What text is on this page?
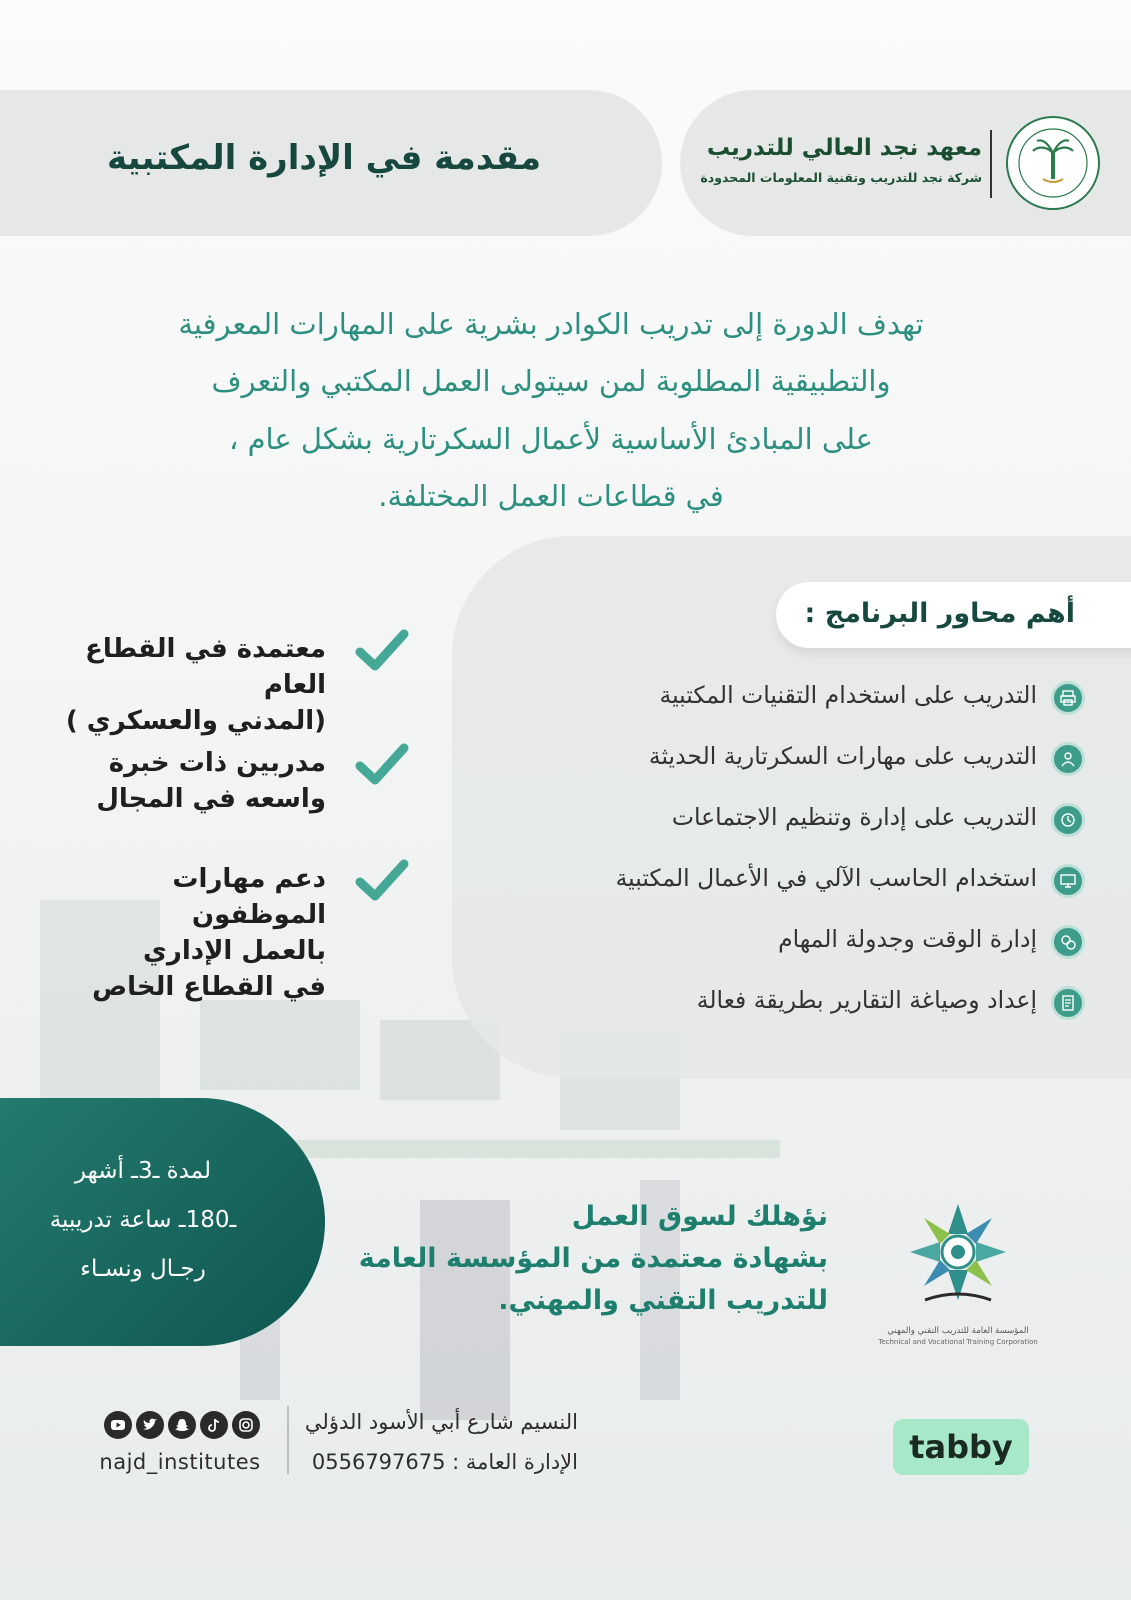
مقدمة في الإدارة المكتبية	معهد نجد العالي للتدريب
شركة نجد للتدريب وتقنية المعلومات المحدودة
تهدف الدورة إلى تدريب الكوادر بشرية على المهارات المعرفية
والتطبيقية المطلوبة لمن سيتولى العمل المكتبي والتعرف
على المبادئ الأساسية لأعمال السكرتارية بشكل عام ،
في قطاعات العمل المختلفة.
أهم محاور البرنامج :
التدريب على استخدام التقنيات المكتبية
التدريب على مهارات السكرتارية الحديثة
التدريب على إدارة وتنظيم الاجتماعات
استخدام الحاسب الآلي في الأعمال المكتبية
إدارة الوقت وجدولة المهام
إعداد وصياغة التقارير بطريقة فعالة
معتمدة في القطاع العام
(المدني والعسكري )
مدربين ذات خبرة
واسعه في المجال
دعم مهارات الموظفون
بالعمل الإداري
في القطاع الخاص
لمدة ـ3ـ أشهر
ـ180ـ ساعة تدريبية
رجـال ونسـاء
نؤهلك لسوق العمل
بشهادة معتمدة من المؤسسة العامة
للتدريب التقني والمهني.
المؤسسة العامة للتدريب التقني والمهني
Technical and Vocational Training Corporation
najd_institutes
النسيم شارع أبي الأسود الدؤلي
الإدارة العامة : 0556797675	tabby
